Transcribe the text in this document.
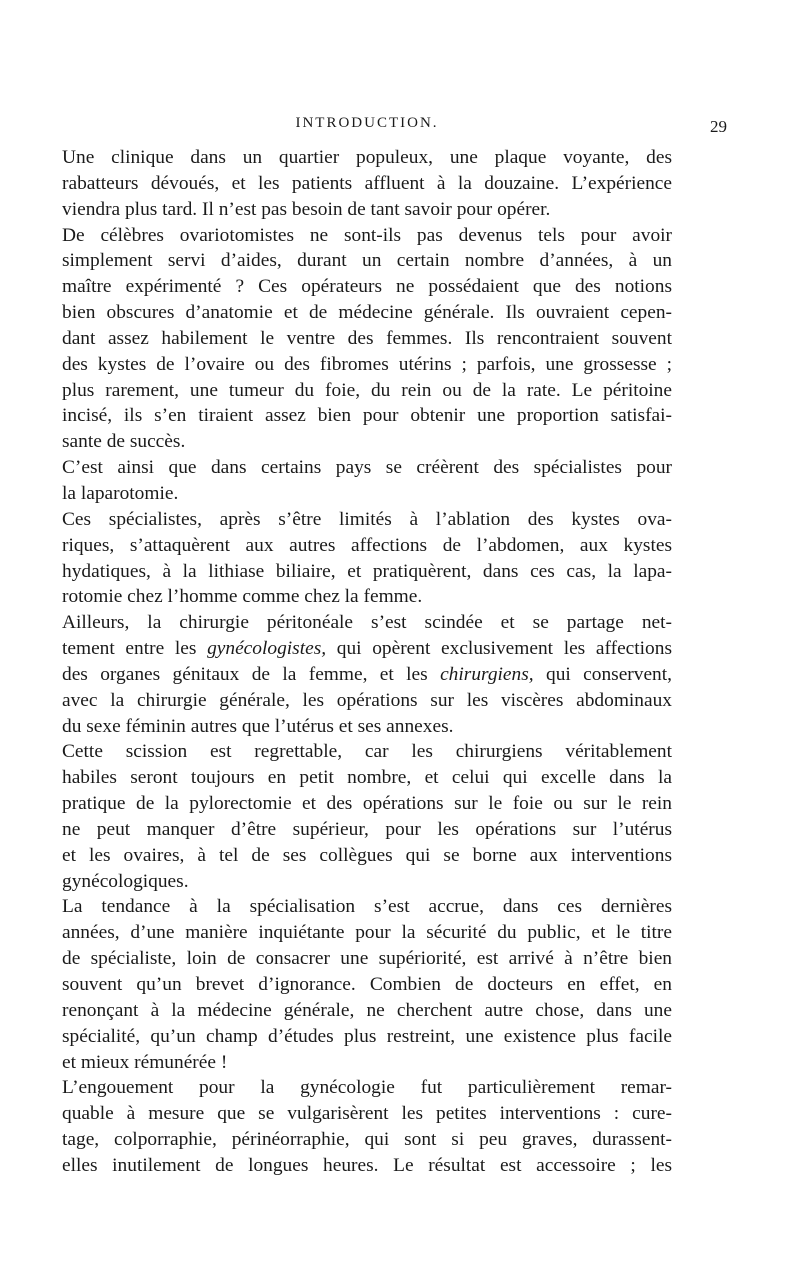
INTRODUCTION.	29

Une clinique dans un quartier populeux, une plaque voyante, des
rabatteurs dévoués, et les patients affluent à la douzaine. L’expérience
viendra plus tard. Il n’est pas besoin de tant savoir pour opérer.

De célèbres ovariotomistes ne sont-ils pas devenus tels pour avoir
simplement servi d’aides, durant un certain nombre d’années, à un
maître expérimenté ? Ces opérateurs ne possédaient que des notions
bien obscures d’anatomie et de médecine générale. Ils ouvraient cepen-
dant assez habilement le ventre des femmes. Ils rencontraient souvent
des kystes de l’ovaire ou des fibromes utérins ; parfois, une grossesse ;
plus rarement, une tumeur du foie, du rein ou de la rate. Le péritoine
incisé, ils s’en tiraient assez bien pour obtenir une proportion satisfai-
sante de succès.

C’est ainsi que dans certains pays se créèrent des spécialistes pour
la laparotomie.

Ces spécialistes, après s’être limités à l’ablation des kystes ova-
riques, s’attaquèrent aux autres affections de l’abdomen, aux kystes
hydatiques, à la lithiase biliaire, et pratiquèrent, dans ces cas, la lapa-
rotomie chez l’homme comme chez la femme.

Ailleurs, la chirurgie péritonéale s’est scindée et se partage net-
tement entre les gynécologistes, qui opèrent exclusivement les affections
des organes génitaux de la femme, et les chirurgiens, qui conservent,
avec la chirurgie générale, les opérations sur les viscères abdominaux
du sexe féminin autres que l’utérus et ses annexes.

Cette scission est regrettable, car les chirurgiens véritablement
habiles seront toujours en petit nombre, et celui qui excelle dans la
pratique de la pylorectomie et des opérations sur le foie ou sur le rein
ne peut manquer d’être supérieur, pour les opérations sur l’utérus
et les ovaires, à tel de ses collègues qui se borne aux interventions
gynécologiques.

La tendance à la spécialisation s’est accrue, dans ces dernières
années, d’une manière inquiétante pour la sécurité du public, et le titre
de spécialiste, loin de consacrer une supériorité, est arrivé à n’être bien
souvent qu’un brevet d’ignorance. Combien de docteurs en effet, en
renonçant à la médecine générale, ne cherchent autre chose, dans une
spécialité, qu’un champ d’études plus restreint, une existence plus facile
et mieux rémunérée !

L’engouement pour la gynécologie fut particulièrement remar-
quable à mesure que se vulgarisèrent les petites interventions : cure-
tage, colporraphie, périnéorraphie, qui sont si peu graves, durassent-
elles inutilement de longues heures. Le résultat est accessoire ; les
